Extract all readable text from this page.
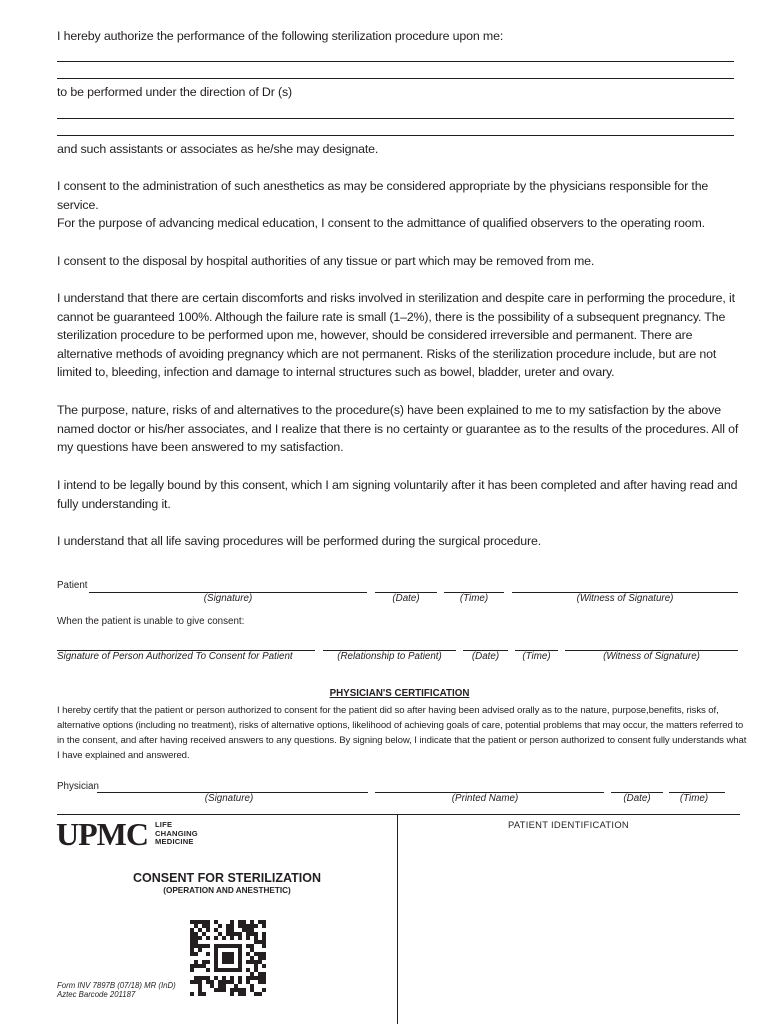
I hereby authorize the performance of the following sterilization procedure upon me:
to be performed under the direction of Dr (s)
and such assistants or associates as he/she may designate.
I consent to the administration of such anesthetics as may be considered appropriate by the physicians responsible for the service.
For the purpose of advancing medical education, I consent to the admittance of qualified observers to the operating room.
I consent to the disposal by hospital authorities of any tissue or part which may be removed from me.
I understand that there are certain discomforts and risks involved in sterilization and despite care in performing the procedure, it cannot be guaranteed 100%. Although the failure rate is small (1–2%), there is the possibility of a subsequent pregnancy. The sterilization procedure to be performed upon me, however, should be considered irreversible and permanent. There are alternative methods of avoiding pregnancy which are not permanent. Risks of the sterilization procedure include, but are not limited to, bleeding, infection and damage to internal structures such as bowel, bladder, ureter and ovary.
The purpose, nature, risks of and alternatives to the procedure(s) have been explained to me to my satisfaction by the above named doctor or his/her associates, and I realize that there is no certainty or guarantee as to the results of the procedures. All of my questions have been answered to my satisfaction.
I intend to be legally bound by this consent, which I am signing voluntarily after it has been completed and after having read and fully understanding it.
I understand that all life saving procedures will be performed during the surgical procedure.
Patient
(Signature)	(Date)	(Time)	(Witness of Signature)
When the patient is unable to give consent:
Signature of Person Authorized To Consent for Patient	(Relationship to Patient)	(Date)	(Time)	(Witness of Signature)
PHYSICIAN'S CERTIFICATION
I hereby certify that the patient or person authorized to consent for the patient did so after having been advised orally as to the nature, purpose,benefits, risks of, alternative options (including no treatment), risks of alternative options, likelihood of achieving goals of care, potential problems that may occur, the matters referred to in the consent, and after having received answers to any questions. By signing below, I indicate that the patient or person authorized to consent fully understands what I have explained and answered.
Physician
(Signature)	(Printed Name)	(Date)	(Time)
UPMC LIFE
CHANGING
MEDICINE
CONSENT FOR STERILIZATION
(OPERATION AND ANESTHETIC)
Form INV 7897B (07/18) MR (InD)
Aztec Barcode 201187
PATIENT IDENTIFICATION
